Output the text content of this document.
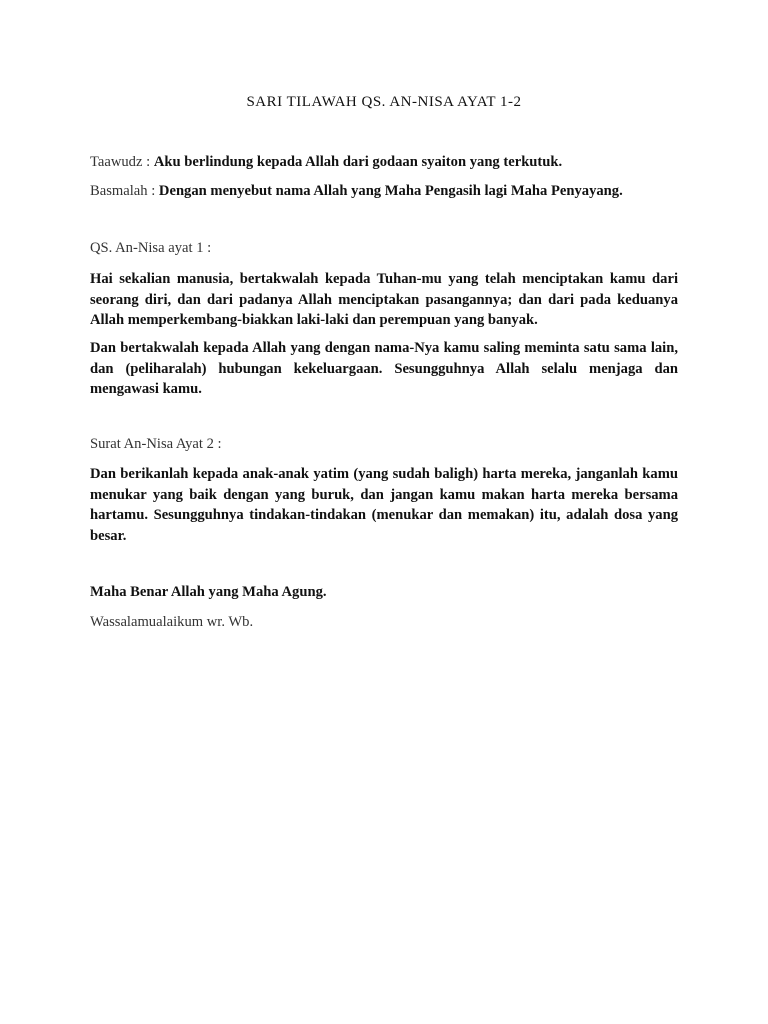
SARI TILAWAH QS. AN-NISA AYAT 1-2
Taawudz : Aku berlindung kepada Allah dari godaan syaiton yang terkutuk.
Basmalah : Dengan menyebut nama Allah yang Maha Pengasih lagi Maha Penyayang.
QS. An-Nisa ayat 1 :
Hai sekalian manusia, bertakwalah kepada Tuhan-mu yang telah menciptakan kamu dari seorang diri, dan dari padanya Allah menciptakan pasangannya; dan dari pada keduanya Allah memperkembang-biakkan laki-laki dan perempuan yang banyak.
Dan bertakwalah kepada Allah yang dengan nama-Nya kamu saling meminta satu sama lain, dan (peliharalah) hubungan kekeluargaan. Sesungguhnya Allah selalu menjaga dan mengawasi kamu.
Surat An-Nisa Ayat 2 :
Dan berikanlah kepada anak-anak yatim (yang sudah baligh) harta mereka, janganlah kamu menukar yang baik dengan yang buruk, dan jangan kamu makan harta mereka bersama hartamu. Sesungguhnya tindakan-tindakan (menukar dan memakan) itu, adalah dosa yang besar.
Maha Benar Allah yang Maha Agung.
Wassalamualaikum wr. Wb.
